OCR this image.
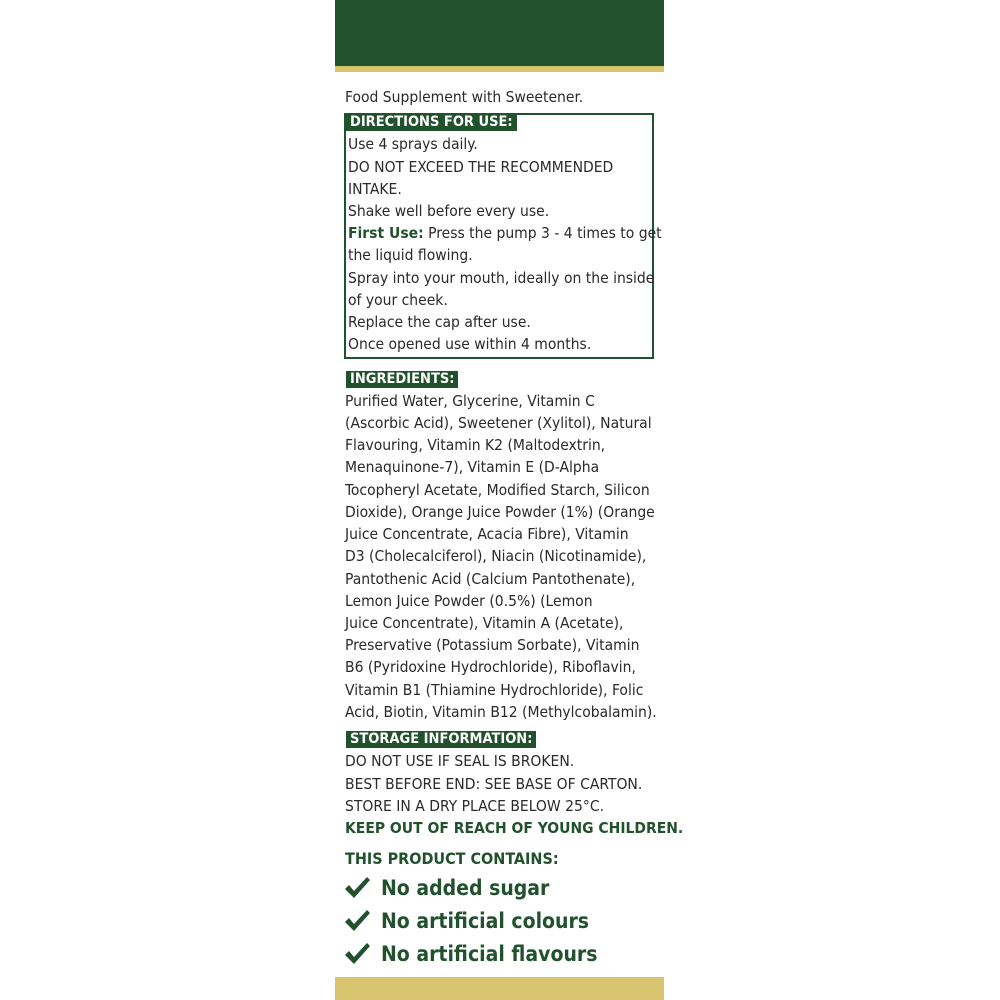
Food Supplement with Sweetener.
DIRECTIONS FOR USE:
Use 4 sprays daily.
DO NOT EXCEED THE RECOMMENDED
INTAKE.
Shake well before every use.
First Use: Press the pump 3 - 4 times to get
the liquid flowing.
Spray into your mouth, ideally on the inside
of your cheek.
Replace the cap after use.
Once opened use within 4 months.
INGREDIENTS:
Purified Water, Glycerine, Vitamin C
(Ascorbic Acid), Sweetener (Xylitol), Natural
Flavouring, Vitamin K2 (Maltodextrin,
Menaquinone-7), Vitamin E (D-Alpha
Tocopheryl Acetate, Modified Starch, Silicon
Dioxide), Orange Juice Powder (1%) (Orange
Juice Concentrate, Acacia Fibre), Vitamin
D3 (Cholecalciferol), Niacin (Nicotinamide),
Pantothenic Acid (Calcium Pantothenate),
Lemon Juice Powder (0.5%) (Lemon
Juice Concentrate), Vitamin A (Acetate),
Preservative (Potassium Sorbate), Vitamin
B6 (Pyridoxine Hydrochloride), Riboflavin,
Vitamin B1 (Thiamine Hydrochloride), Folic
Acid, Biotin, Vitamin B12 (Methylcobalamin).
STORAGE INFORMATION:
DO NOT USE IF SEAL IS BROKEN.
BEST BEFORE END: SEE BASE OF CARTON.
STORE IN A DRY PLACE BELOW 25°C.
KEEP OUT OF REACH OF YOUNG CHILDREN.
THIS PRODUCT CONTAINS:
No added sugar
No artificial colours
No artificial flavours
